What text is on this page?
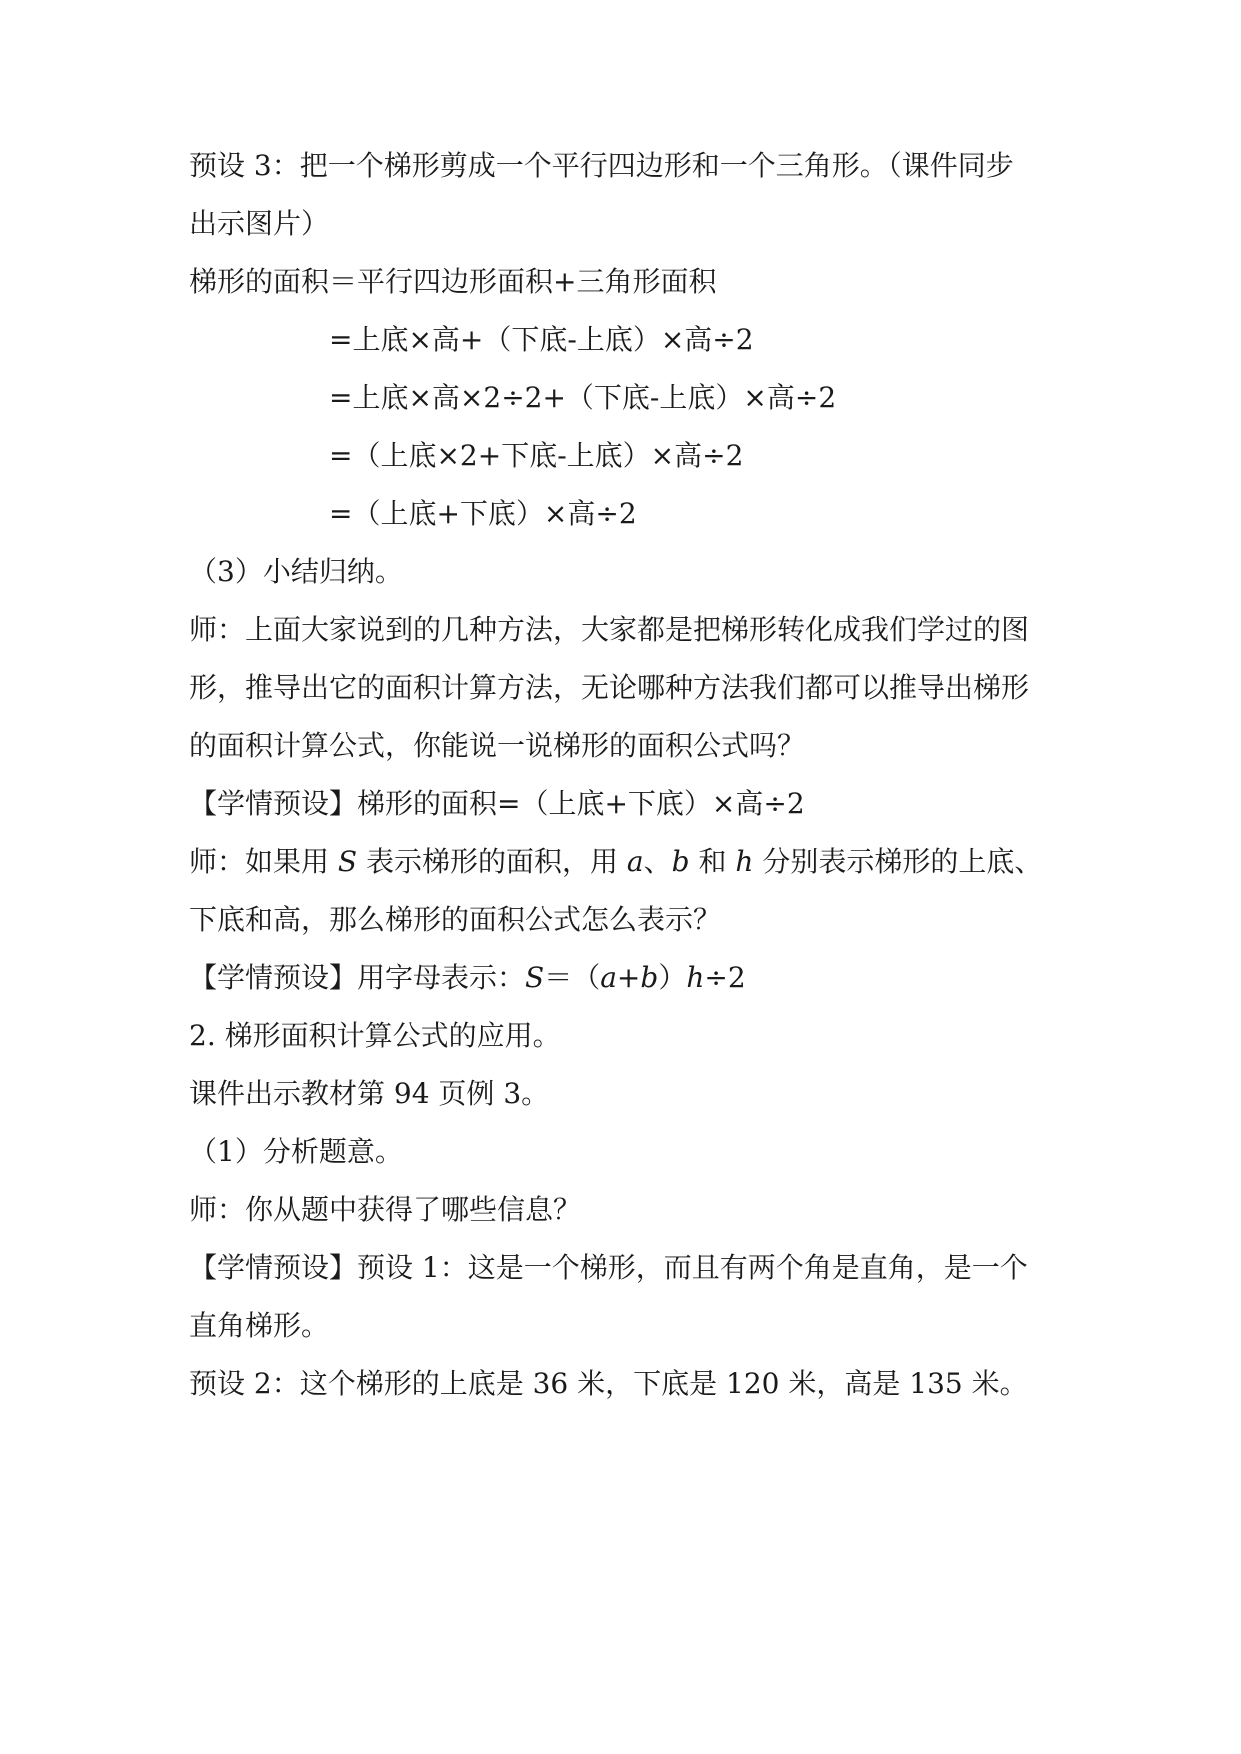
预设 3：把一个梯形剪成一个平行四边形和一个三角形。（课件同步
出示图片）
梯形的面积＝平行四边形面积+三角形面积
=上底×高+（下底-上底）×高÷2
=上底×高×2÷2+（下底-上底）×高÷2
=（上底×2+下底-上底）×高÷2
=（上底+下底）×高÷2
（3）小结归纳。
师：上面大家说到的几种方法，大家都是把梯形转化成我们学过的图
形，推导出它的面积计算方法，无论哪种方法我们都可以推导出梯形
的面积计算公式，你能说一说梯形的面积公式吗？
【学情预设】梯形的面积=（上底+下底）×高÷2
师：如果用 S 表示梯形的面积，用 a、b 和 h 分别表示梯形的上底、
下底和高，那么梯形的面积公式怎么表示？
【学情预设】用字母表示：S＝（a+b）h÷2
2. 梯形面积计算公式的应用。
课件出示教材第 94 页例 3。
（1）分析题意。
师：你从题中获得了哪些信息？
【学情预设】预设 1：这是一个梯形，而且有两个角是直角，是一个
直角梯形。
预设 2：这个梯形的上底是 36 米，下底是 120 米，高是 135 米。
